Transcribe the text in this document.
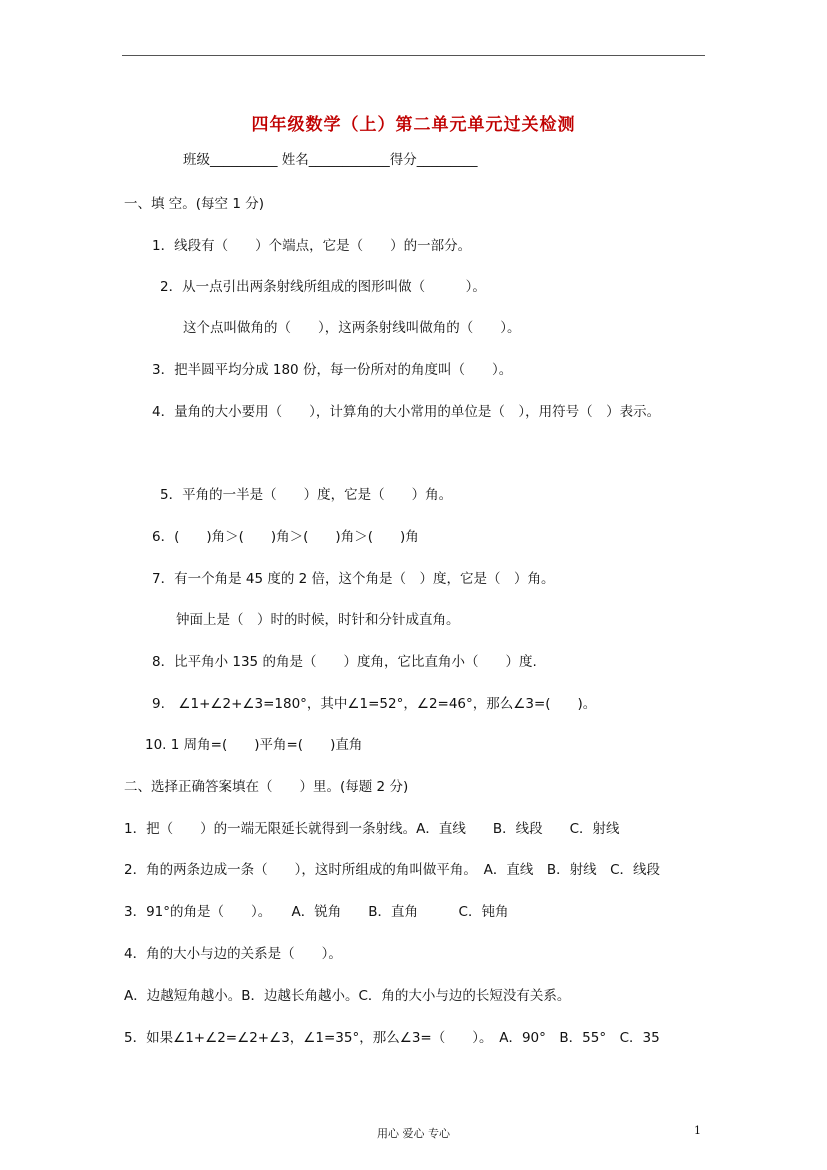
四年级数学（上）第二单元单元过关检测
班级__________ 姓名____________得分_________
一、填 空。(每空 1 分)
1．线段有（　　）个端点，它是（　　）的一部分。
2．从一点引出两条射线所组成的图形叫做（　　　）。
这个点叫做角的（　　），这两条射线叫做角的（　　）。
3．把半圆平均分成 180 份，每一份所对的角度叫（　　）。
4．量角的大小要用（　　），计算角的大小常用的单位是（　），用符号（　）表示。
5．平角的一半是（　　）度，它是（　　）角。
6．(　　)角＞(　　)角＞(　　)角＞(　　)角
7．有一个角是 45 度的 2 倍，这个角是（　）度，它是（　）角。
钟面上是（　）时的时候，时针和分针成直角。
8．比平角小 135 的角是（　　）度角，它比直角小（　　）度.
9.　∠1+∠2+∠3=180°，其中∠1=52°，∠2=46°，那么∠3=(　　)。
10. 1 周角=(　　)平角=(　　)直角
二、选择正确答案填在（　　）里。(每题 2 分)
1．把（　　）的一端无限延长就得到一条射线。A．直线　　B．线段　　C．射线
2．角的两条边成一条（　　），这时所组成的角叫做平角。　A．直线　B．射线　C．线段
3．91°的角是（　　）。　　A．锐角　　B．直角　　　C．钝角
4．角的大小与边的关系是（　　）。
A．边越短角越小。B．边越长角越小。C．角的大小与边的长短没有关系。
5．如果∠1+∠2=∠2+∠3，∠1=35°，那么∠3=（　　）。　A．90°　B．55°　C．35
用心 爱心 专心	1
